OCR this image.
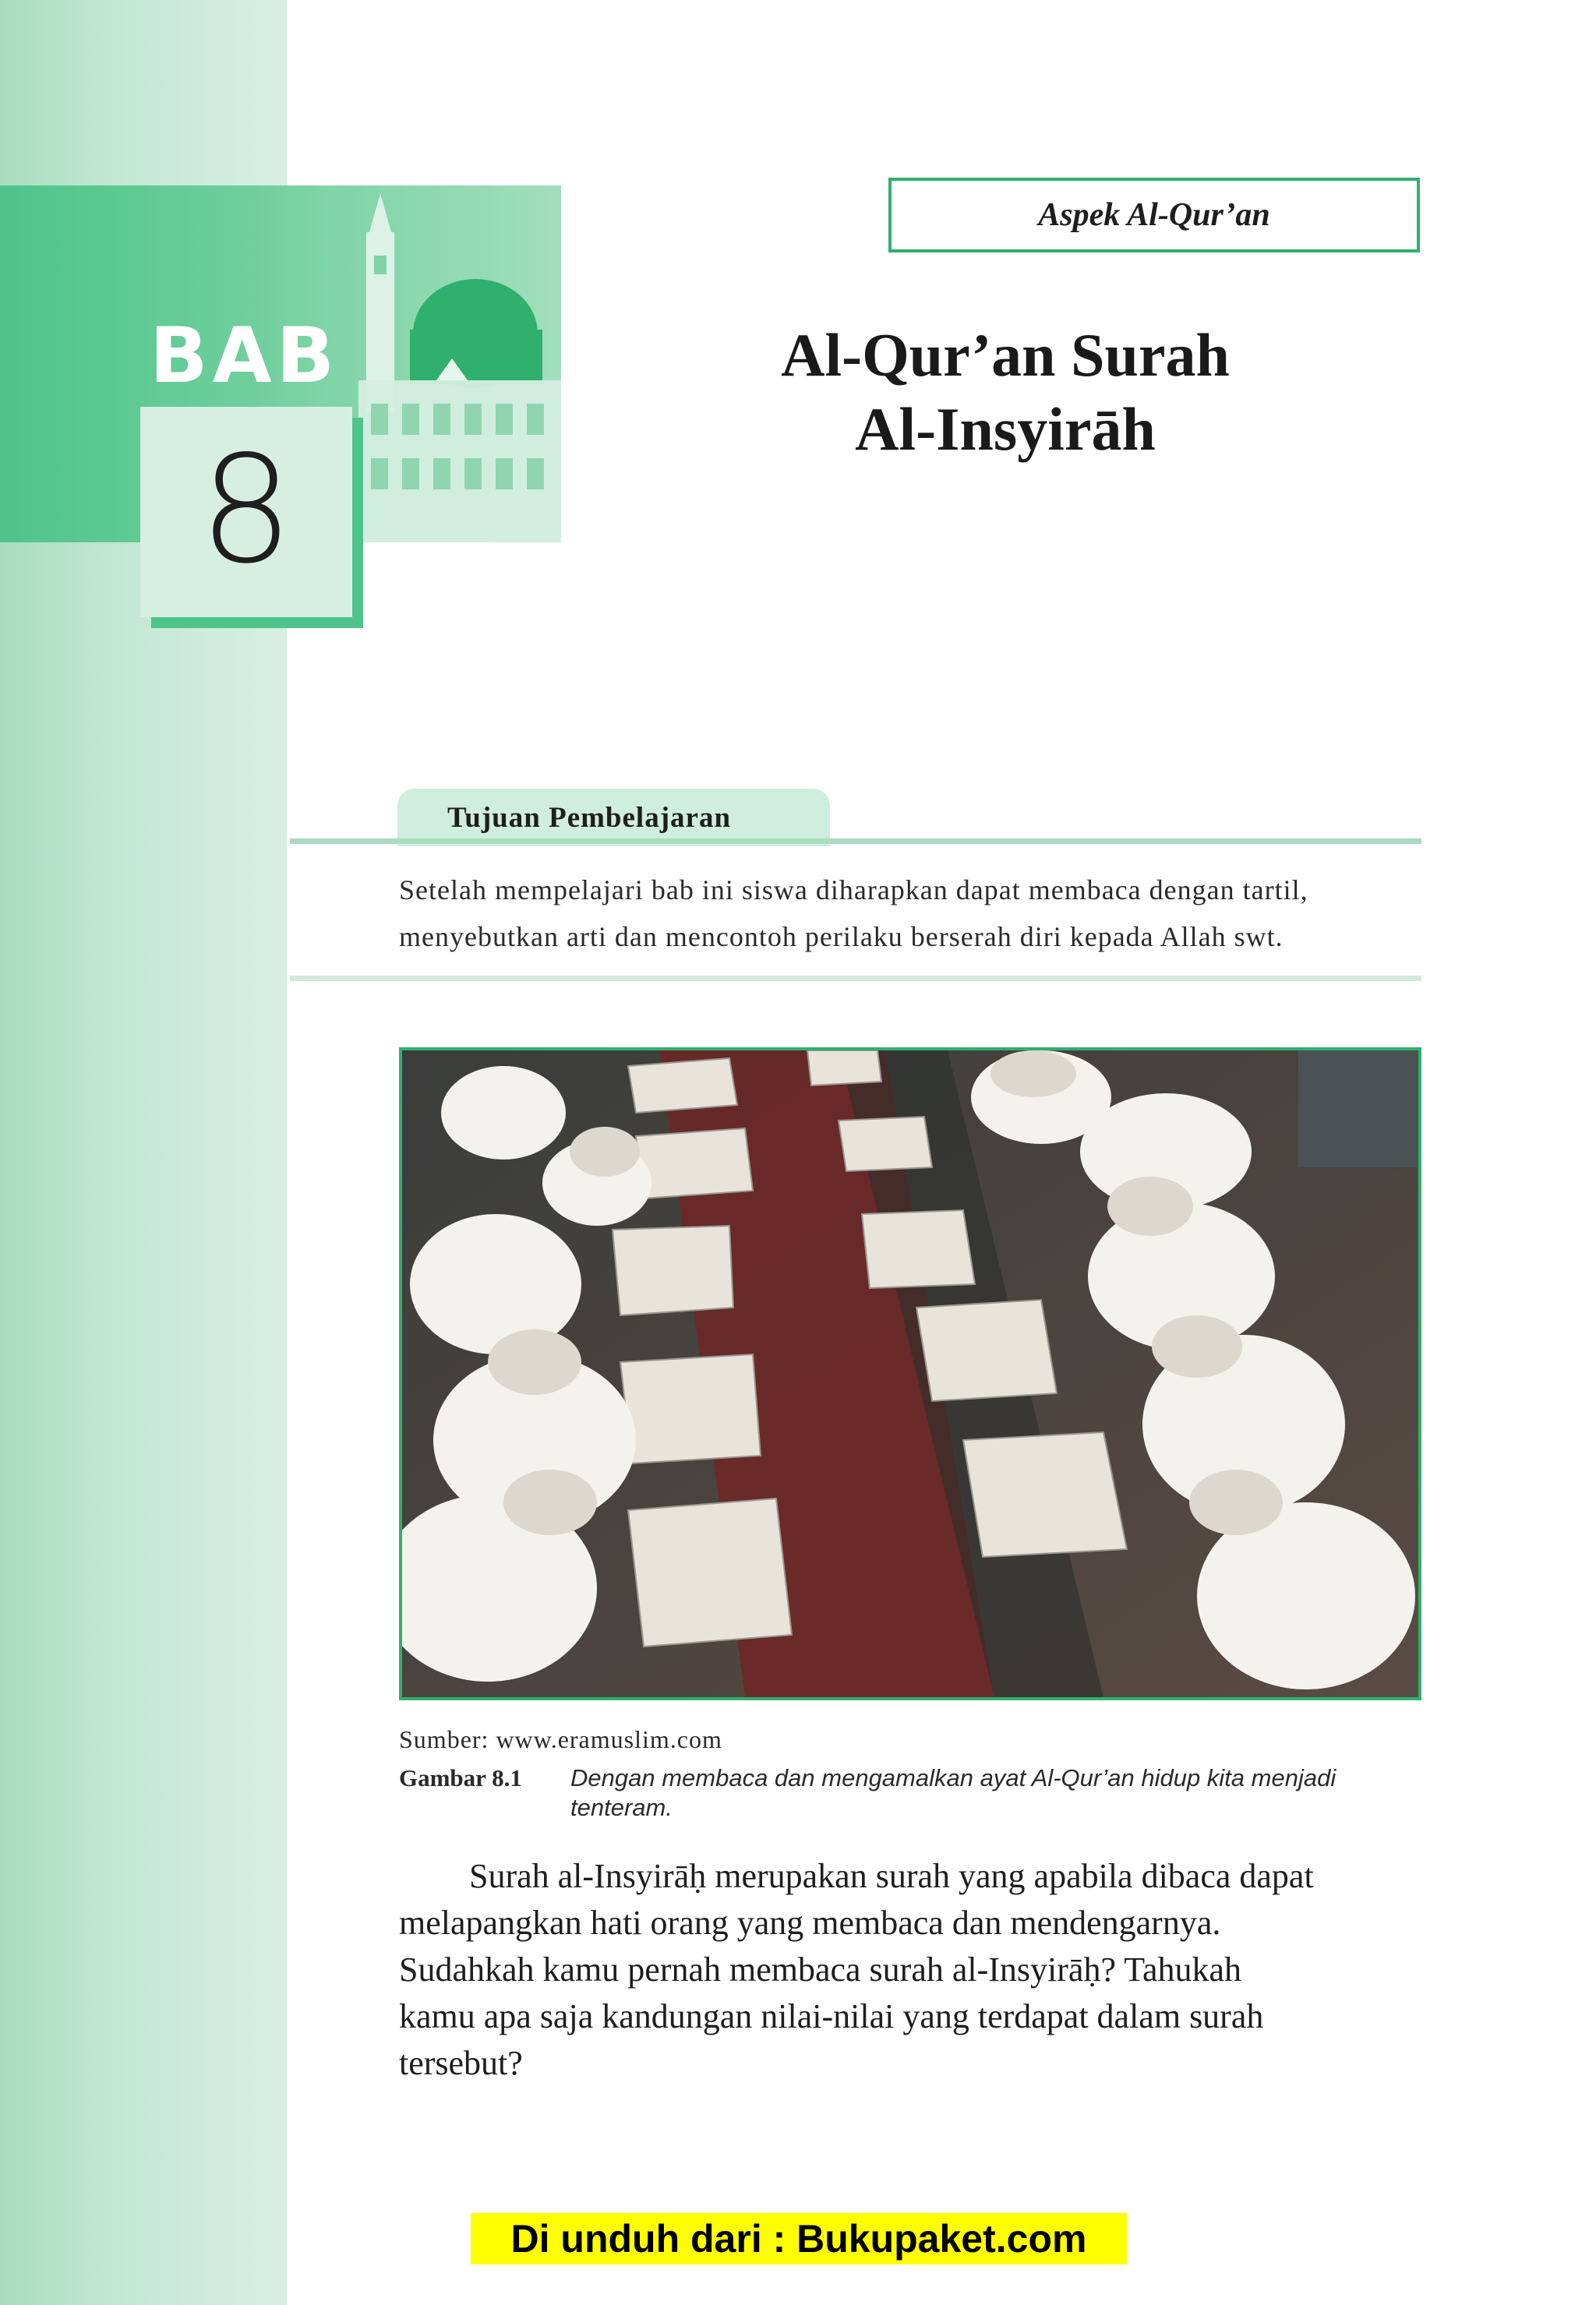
BAB
8
Aspek Al-Qur’an
Al-Qur’an Surah
Al-Insyirāh
Tujuan Pembelajaran

Setelah mempelajari bab ini siswa diharapkan dapat membaca dengan tartil,
menyebutkan arti dan mencontoh perilaku berserah diri kepada Allah swt.

Sumber: www.eramuslim.com

Gambar 8.1 Dengan membaca dan mengamalkan ayat Al-Qur’an hidup kita menjadi

tenteram.

Surah al-Insyirāḥ merupakan surah yang apabila dibaca dapat
melapangkan hati orang yang membaca dan mendengarnya.
Sudahkah kamu pernah membaca surah al-Insyirāḥ? Tahukah
kamu apa saja kandungan nilai-nilai yang terdapat dalam surah
tersebut?

Di unduh dari : Bukupaket.com
